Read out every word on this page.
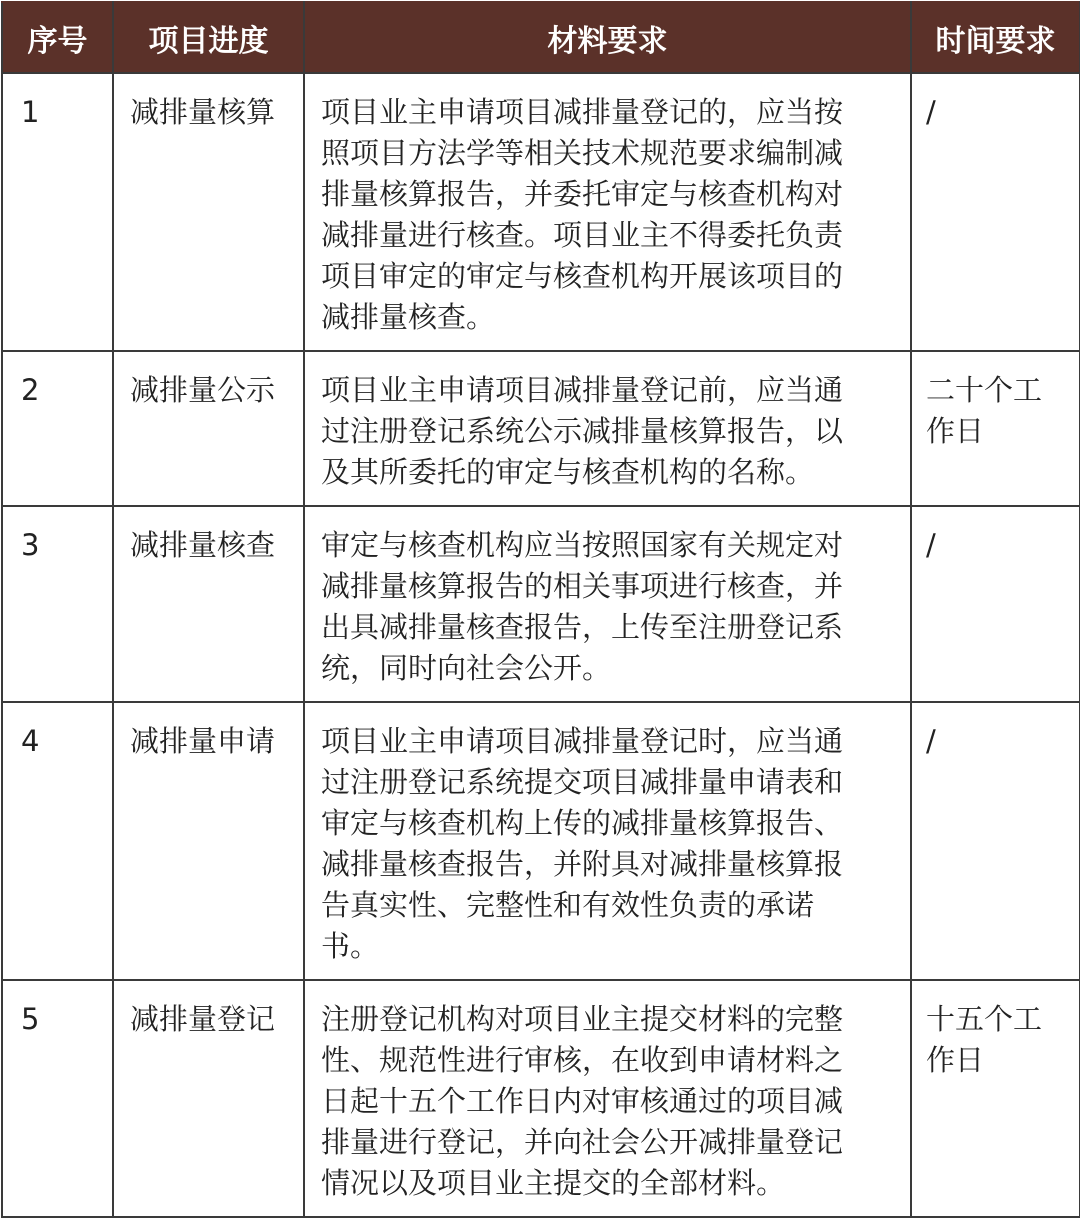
序号	项目进度	材料要求	时间要求
1	减排量核算	项目业主申请项目减排量登记的，应当按照项目方法学等相关技术规范要求编制减排量核算报告，并委托审定与核查机构对减排量进行核查。项目业主不得委托负责项目审定的审定与核查机构开展该项目的减排量核查。	/
2	减排量公示	项目业主申请项目减排量登记前，应当通过注册登记系统公示减排量核算报告，以及其所委托的审定与核查机构的名称。	二十个工作日
3	减排量核查	审定与核查机构应当按照国家有关规定对减排量核算报告的相关事项进行核查，并出具减排量核查报告，上传至注册登记系统，同时向社会公开。	/
4	减排量申请	项目业主申请项目减排量登记时，应当通过注册登记系统提交项目减排量申请表和审定与核查机构上传的减排量核算报告、减排量核查报告，并附具对减排量核算报告真实性、完整性和有效性负责的承诺书。	/
5	减排量登记	注册登记机构对项目业主提交材料的完整性、规范性进行审核，在收到申请材料之日起十五个工作日内对审核通过的项目减排量进行登记，并向社会公开减排量登记情况以及项目业主提交的全部材料。	十五个工作日
